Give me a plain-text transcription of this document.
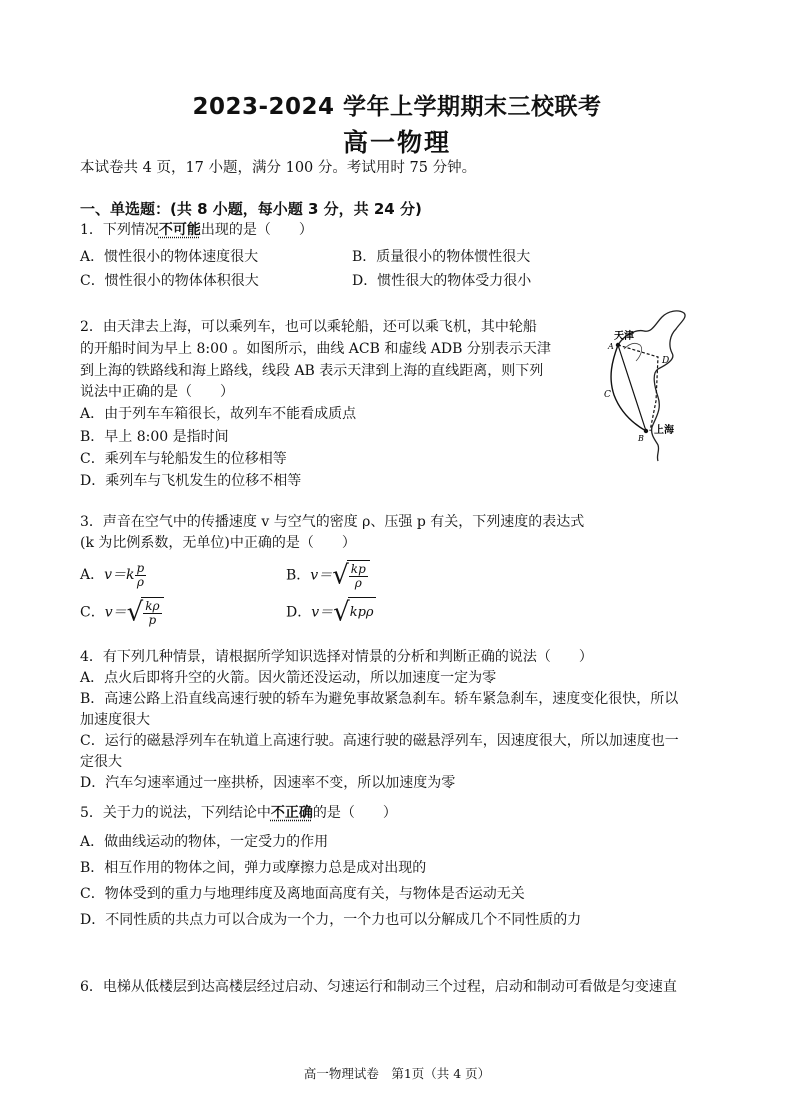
2023-2024 学年上学期期末三校联考
高一物理
本试卷共 4 页，17 小题，满分 100 分。考试用时 75 分钟。
一、单选题：(共 8 小题，每小题 3 分，共 24 分)
1．下列情况不可能出现的是（　　）
A．惯性很小的物体速度很大	B．质量很小的物体惯性很大
C．惯性很小的物体体积很大	D．惯性很大的物体受力很小
2．由天津去上海，可以乘列车，也可以乘轮船，还可以乘飞机，其中轮船
的开船时间为早上 8:00 。如图所示，曲线 ACB 和虚线 ADB 分别表示天津
到上海的铁路线和海上路线，线段 AB 表示天津到上海的直线距离，则下列
说法中正确的是（　　）
A．由于列车车箱很长，故列车不能看成质点
B．早上 8:00 是指时间
C．乘列车与轮船发生的位移相等
D．乘列车与飞机发生的位移不相等
天津
A
D
C
B
上海
3．声音在空气中的传播速度 v 与空气的密度 ρ、压强 p 有关，下列速度的表达式
(k 为比例系数，无单位)中正确的是（　　）
A．$v=k \frac{p}{\rho}$	B．$v=√ \frac{kp}{\rho}$
C．$v=√ \frac{k\rho}{p}$	D．v＝√kpρ
4．有下列几种情景，请根据所学知识选择对情景的分析和判断正确的说法（　　）
A．点火后即将升空的火箭。因火箭还没运动，所以加速度一定为零
B．高速公路上沿直线高速行驶的轿车为避免事故紧急刹车。轿车紧急刹车，速度变化很快，所以
加速度很大
C．运行的磁悬浮列车在轨道上高速行驶。高速行驶的磁悬浮列车，因速度很大，所以加速度也一
定很大
D．汽车匀速率通过一座拱桥，因速率不变，所以加速度为零
5．关于力的说法，下列结论中不正确的是（　　）
A．做曲线运动的物体，一定受力的作用
B．相互作用的物体之间，弹力或摩擦力总是成对出现的
C．物体受到的重力与地理纬度及离地面高度有关，与物体是否运动无关
D．不同性质的共点力可以合成为一个力，一个力也可以分解成几个不同性质的力
6．电梯从低楼层到达高楼层经过启动、匀速运行和制动三个过程，启动和制动可看做是匀变速直
高一物理试卷　第1页（共 4 页）
